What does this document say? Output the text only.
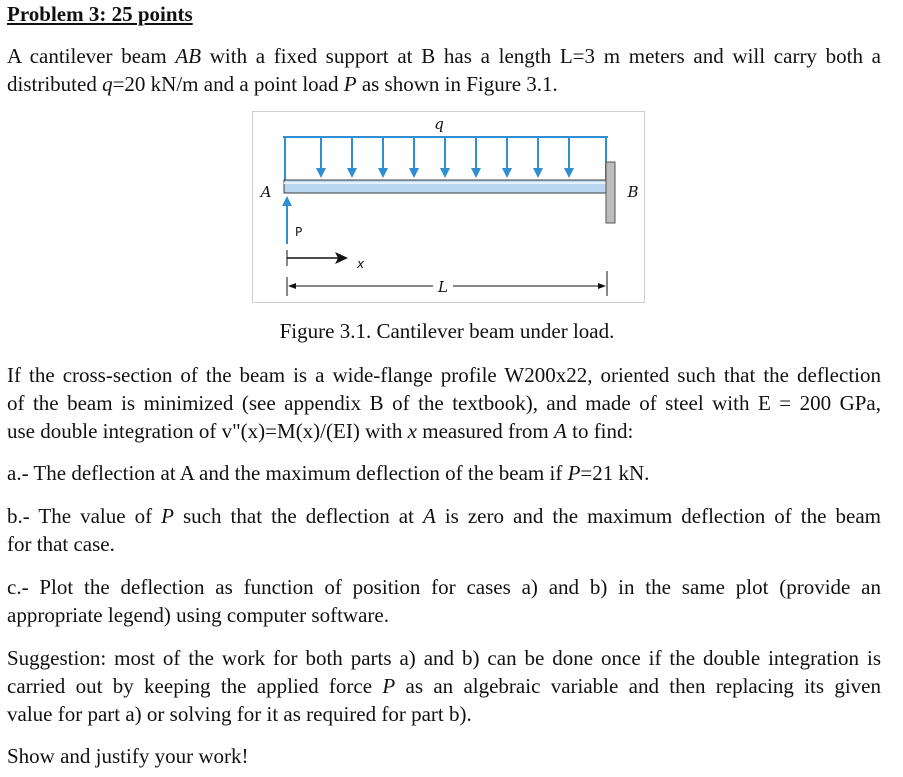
Problem 3: 25 points
A cantilever beam AB with a fixed support at B has a length L=3 m meters and will carry both a
distributed q=20 kN/m and a point load P as shown in Figure 3.1.
q
A	B
P
x
L
Figure 3.1. Cantilever beam under load.
If the cross-section of the beam is a wide-flange profile W200x22, oriented such that the deflection
of the beam is minimized (see appendix B of the textbook), and made of steel with E = 200 GPa,
use double integration of v"(x)=M(x)/(EI) with x measured from A to find:
a.- The deflection at A and the maximum deflection of the beam if P=21 kN.
b.- The value of P such that the deflection at A is zero and the maximum deflection of the beam
for that case.
c.- Plot the deflection as function of position for cases a) and b) in the same plot (provide an
appropriate legend) using computer software.
Suggestion: most of the work for both parts a) and b) can be done once if the double integration is
carried out by keeping the applied force P as an algebraic variable and then replacing its given
value for part a) or solving for it as required for part b).
Show and justify your work!
